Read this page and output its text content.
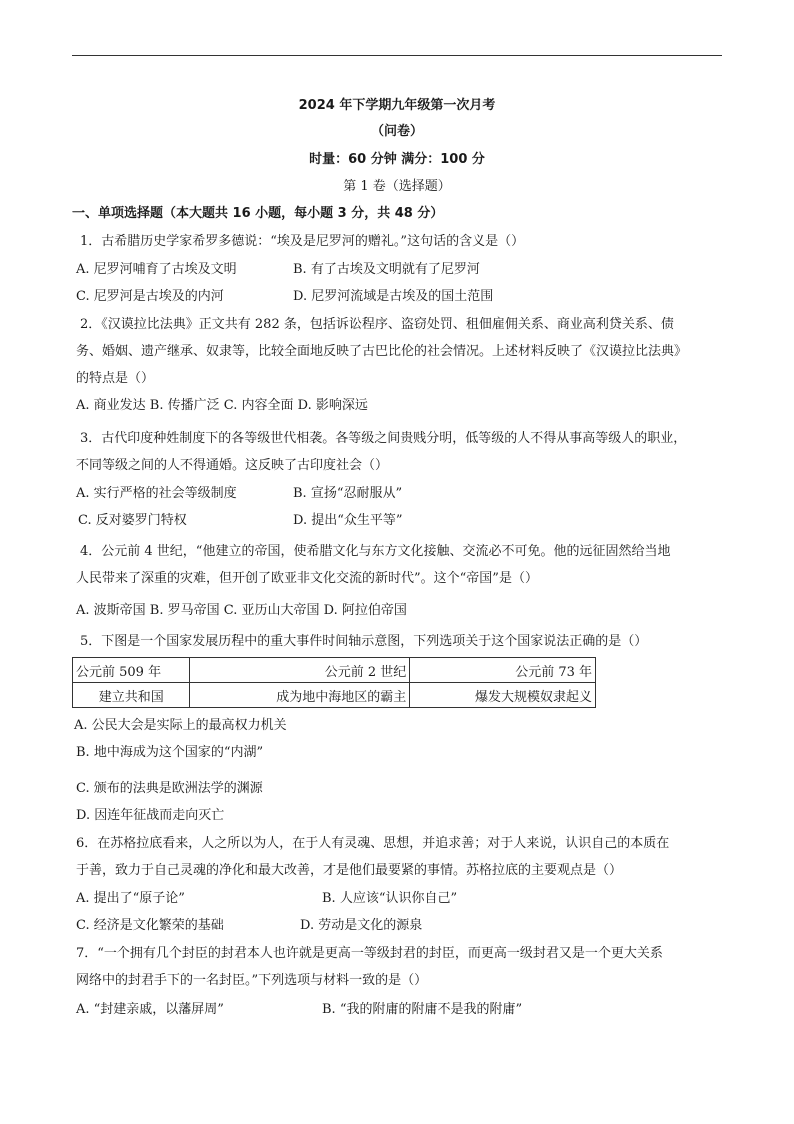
2024 年下学期九年级第一次月考
（问卷）
时量：60 分钟 满分：100 分
第 1 卷（选择题）
一、单项选择题（本大题共 16 小题，每小题 3 分，共 48 分）
1．古希腊历史学家希罗多德说：“埃及是尼罗河的赠礼。”这句话的含义是（）
A. 尼罗河哺育了古埃及文明	B. 有了古埃及文明就有了尼罗河
C. 尼罗河是古埃及的内河	D. 尼罗河流域是古埃及的国土范围
2．《汉谟拉比法典》正文共有 282 条，包括诉讼程序、盗窃处罚、租佃雇佣关系、商业高利贷关系、债
务、婚姻、遗产继承、奴隶等，比较全面地反映了古巴比伦的社会情况。上述材料反映了《汉谟拉比法典》
的特点是（）
A. 商业发达 B. 传播广泛 C. 内容全面 D. 影响深远
3．古代印度种姓制度下的各等级世代相袭。各等级之间贵贱分明，低等级的人不得从事高等级人的职业，
不同等级之间的人不得通婚。这反映了古印度社会（）
A. 实行严格的社会等级制度	B. 宣扬“忍耐服从”
C. 反对婆罗门特权	D. 提出“众生平等”
4．公元前 4 世纪，“他建立的帝国，使希腊文化与东方文化接触、交流必不可免。他的远征固然给当地
人民带来了深重的灾难，但开创了欧亚非文化交流的新时代”。这个“帝国”是（）
A. 波斯帝国 B. 罗马帝国 C. 亚历山大帝国 D. 阿拉伯帝国
5．下图是一个国家发展历程中的重大事件时间轴示意图，下列选项关于这个国家说法正确的是（）
公元前 509 年	公元前 2 世纪	公元前 73 年
建立共和国	成为地中海地区的霸主	爆发大规模奴隶起义
A. 公民大会是实际上的最高权力机关
B. 地中海成为这个国家的“内湖”
C. 颁布的法典是欧洲法学的渊源
D. 因连年征战而走向灭亡
6．在苏格拉底看来，人之所以为人，在于人有灵魂、思想，并追求善；对于人来说，认识自己的本质在
于善，致力于自己灵魂的净化和最大改善，才是他们最要紧的事情。苏格拉底的主要观点是（）
A. 提出了“原子论”	B. 人应该“认识你自己”
C. 经济是文化繁荣的基础	D. 劳动是文化的源泉
7．“一个拥有几个封臣的封君本人也许就是更高一等级封君的封臣，而更高一级封君又是一个更大关系
网络中的封君手下的一名封臣。”下列选项与材料一致的是（）
A. “封建亲戚，以藩屏周”	B. “我的附庸的附庸不是我的附庸”
